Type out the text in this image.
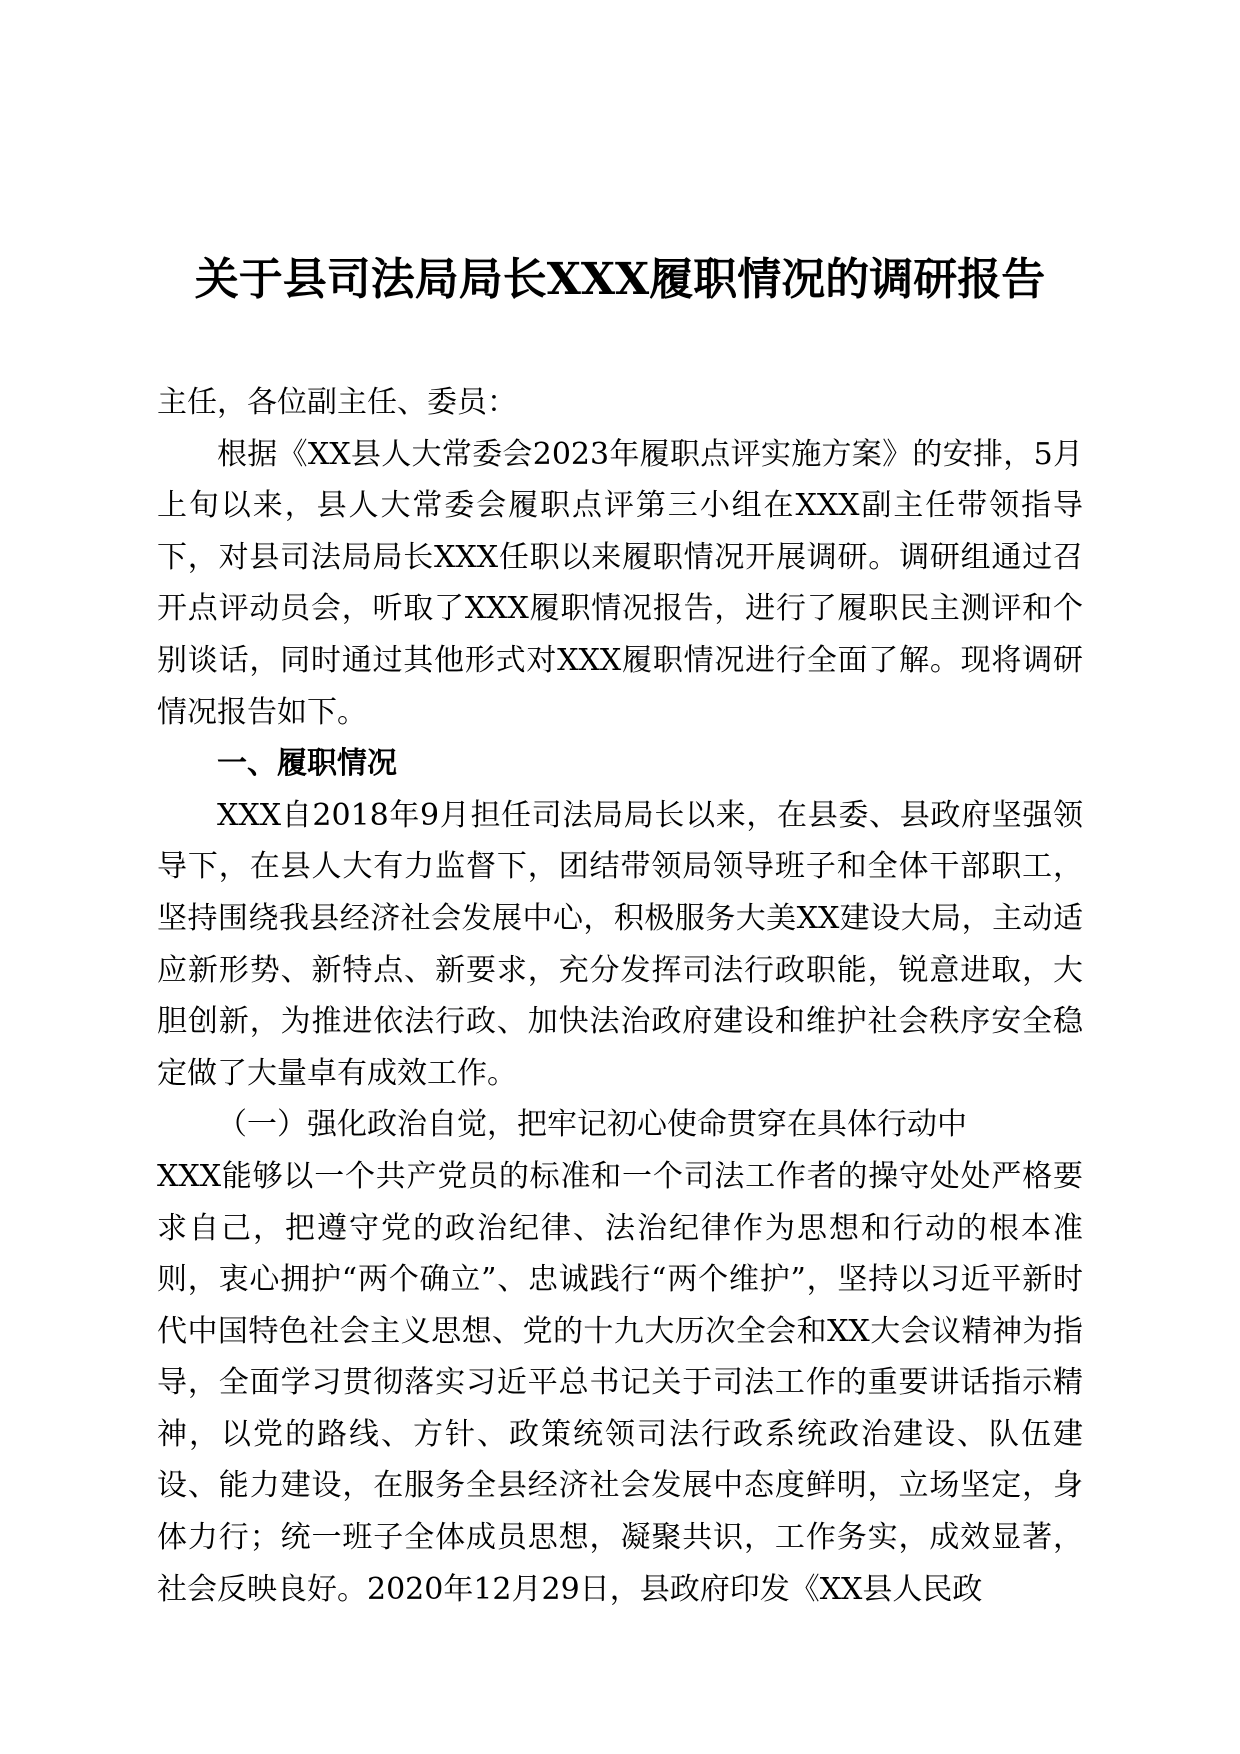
关于县司法局局长XXX履职情况的调研报告

主任，各位副主任、委员：

根据《XX县人大常委会2023年履职点评实施方案》的安排，5月上旬以来，县人大常委会履职点评第三小组在XXX副主任带领指导下，对县司法局局长XXX任职以来履职情况开展调研。调研组通过召开点评动员会，听取了XXX履职情况报告，进行了履职民主测评和个别谈话，同时通过其他形式对XXX履职情况进行全面了解。现将调研情况报告如下。

一、履职情况

XXX自2018年9月担任司法局局长以来，在县委、县政府坚强领导下，在县人大有力监督下，团结带领局领导班子和全体干部职工，坚持围绕我县经济社会发展中心，积极服务大美XX建设大局，主动适应新形势、新特点、新要求，充分发挥司法行政职能，锐意进取，大胆创新，为推进依法行政、加快法治政府建设和维护社会秩序安全稳定做了大量卓有成效工作。

（一）强化政治自觉，把牢记初心使命贯穿在具体行动中

XXX能够以一个共产党员的标准和一个司法工作者的操守处处严格要求自己，把遵守党的政治纪律、法治纪律作为思想和行动的根本准则，衷心拥护“两个确立”、忠诚践行“两个维护”，坚持以习近平新时代中国特色社会主义思想、党的十九大历次全会和XX大会议精神为指导，全面学习贯彻落实习近平总书记关于司法工作的重要讲话指示精神，以党的路线、方针、政策统领司法行政系统政治建设、队伍建设、能力建设，在服务全县经济社会发展中态度鲜明，立场坚定，身体力行；统一班子全体成员思想，凝聚共识，工作务实，成效显著，社会反映良好。2020年12月29日，县政府印发《XX县人民政
